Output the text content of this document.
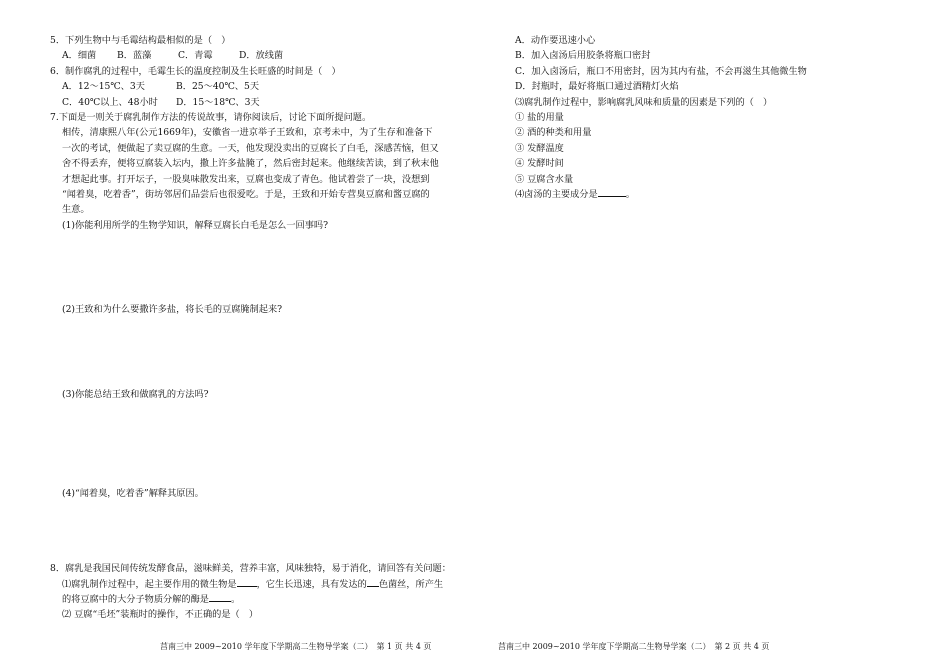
5．下列生物中与毛霉结构最相似的是（　）
A．细菌	B．蓝藻	C．青霉	D．放线菌
6．制作腐乳的过程中，毛霉生长的温度控制及生长旺盛的时间是（　）
A．12～15℃、3天	B．25～40℃、5天
C．40℃以上、48小时	D．15～18℃、3天
7.下面是一则关于腐乳制作方法的传说故事，请你阅读后，讨论下面所提问题。
相传，清康熙八年(公元1669年)，安徽省一进京举子王致和，京考未中，为了生存和准备下
一次的考试，便做起了卖豆腐的生意。一天，他发现没卖出的豆腐长了白毛，深感苦恼，但又
舍不得丢弃，便将豆腐装入坛内，撒上许多盐腌了，然后密封起来。他继续苦读，到了秋末他
才想起此事。打开坛子，一股臭味散发出来，豆腐也变成了青色。他试着尝了一块，没想到
“闻着臭，吃着香”，街坊邻居们品尝后也很爱吃。于是，王致和开始专营臭豆腐和酱豆腐的
生意。
(1)你能利用所学的生物学知识，解释豆腐长白毛是怎么一回事吗?
(2)王致和为什么要撒许多盐，将长毛的豆腐腌制起来?
(3)你能总结王致和做腐乳的方法吗?
(4)“闻着臭，吃着香”解释其原因。
8．腐乳是我国民间传统发酵食品，滋味鲜美，营养丰富，风味独特，易于消化，请回答有关问题：
⑴腐乳制作过程中，起主要作用的微生物是 ，它生长迅速，具有发达的 色菌丝，所产生
的将豆腐中的大分子物质分解的酶是 。
⑵ 豆腐“毛坯”装瓶时的操作，不正确的是（　）
A．动作要迅速小心
B．加入卤汤后用胶条将瓶口密封
C．加入卤汤后，瓶口不用密封，因为其内有盐，不会再滋生其他微生物
D．封瓶时，最好将瓶口通过酒精灯火焰
⑶腐乳制作过程中，影响腐乳风味和质量的因素是下列的（　）
① 盐的用量
② 酒的种类和用量
③ 发酵温度
④ 发酵时间
⑤ 豆腐含水量
⑷卤汤的主要成分是	。
莒南三中 2009~2010 学年度下学期高二生物导学案（二）　第 1 页 共 4 页	莒南三中 2009~2010 学年度下学期高二生物导学案（二）　第 2 页 共 4 页
